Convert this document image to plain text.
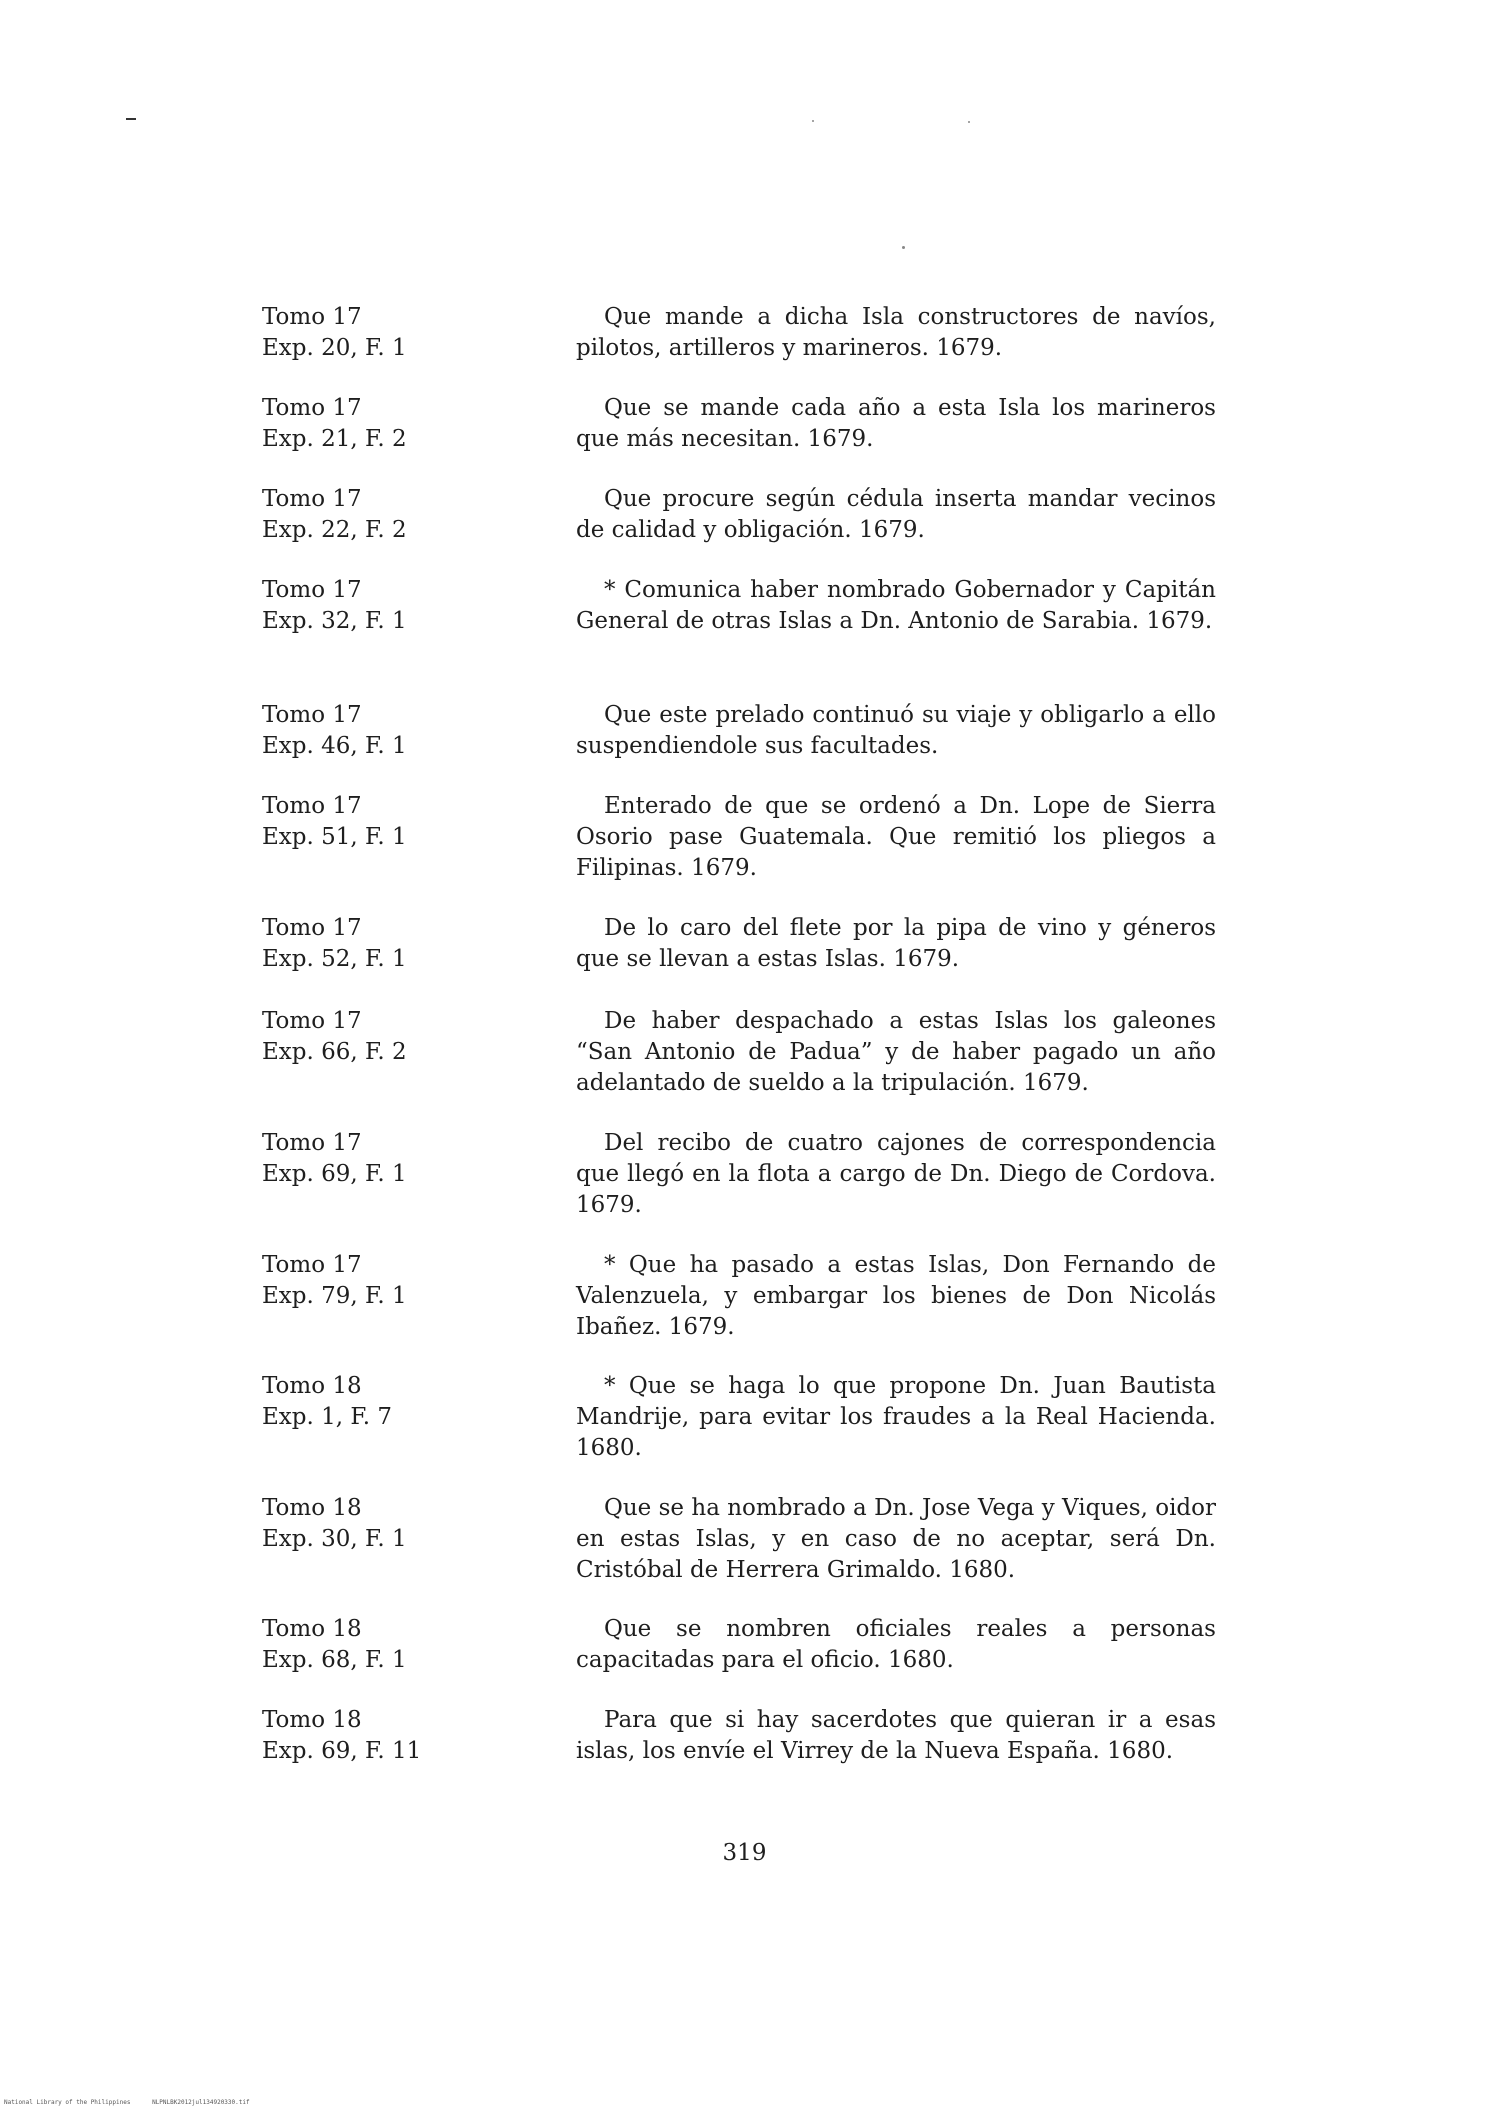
Tomo 17
Exp. 20, F. 1
Que mande a dicha Isla constructores de navíos, pilotos, artilleros y marineros. 1679.
Tomo 17
Exp. 21, F. 2
Que se mande cada año a esta Isla los marineros que más necesitan. 1679.
Tomo 17
Exp. 22, F. 2
Que procure según cédula inserta mandar vecinos de calidad y obligación. 1679.
Tomo 17
Exp. 32, F. 1
* Comunica haber nombrado Gobernador y Capitán General de otras Islas a Dn. Antonio de Sarabia. 1679.
Tomo 17
Exp. 46, F. 1
Que este prelado continuó su viaje y obligarlo a ello suspendiendole sus facultades.
Tomo 17
Exp. 51, F. 1
Enterado de que se ordenó a Dn. Lope de Sierra Osorio pase Guatemala. Que remitió los pliegos a Filipinas. 1679.
Tomo 17
Exp. 52, F. 1
De lo caro del flete por la pipa de vino y géneros que se llevan a estas Islas. 1679.
Tomo 17
Exp. 66, F. 2
De haber despachado a estas Islas los galeones “San Antonio de Padua” y de haber pagado un año adelantado de sueldo a la tripulación. 1679.
Tomo 17
Exp. 69, F. 1
Del recibo de cuatro cajones de correspondencia que llegó en la flota a cargo de Dn. Diego de Cordova. 1679.
Tomo 17
Exp. 79, F. 1
* Que ha pasado a estas Islas, Don Fernando de Valenzuela, y embargar los bienes de Don Nicolás Ibañez. 1679.
Tomo 18
Exp. 1, F. 7
* Que se haga lo que propone Dn. Juan Bautista Mandrije, para evitar los fraudes a la Real Hacienda. 1680.
Tomo 18
Exp. 30, F. 1
Que se ha nombrado a Dn. Jose Vega y Viques, oidor en estas Islas, y en caso de no aceptar, será Dn. Cristóbal de Herrera Grimaldo. 1680.
Tomo 18
Exp. 68, F. 1
Que se nombren oficiales reales a personas capacitadas para el oficio. 1680.
Tomo 18
Exp. 69, F. 11
Para que si hay sacerdotes que quieran ir a esas islas, los envíe el Virrey de la Nueva España. 1680.
319
National Library of the Philippines	NLPNLBK2012jul134920330.tif
